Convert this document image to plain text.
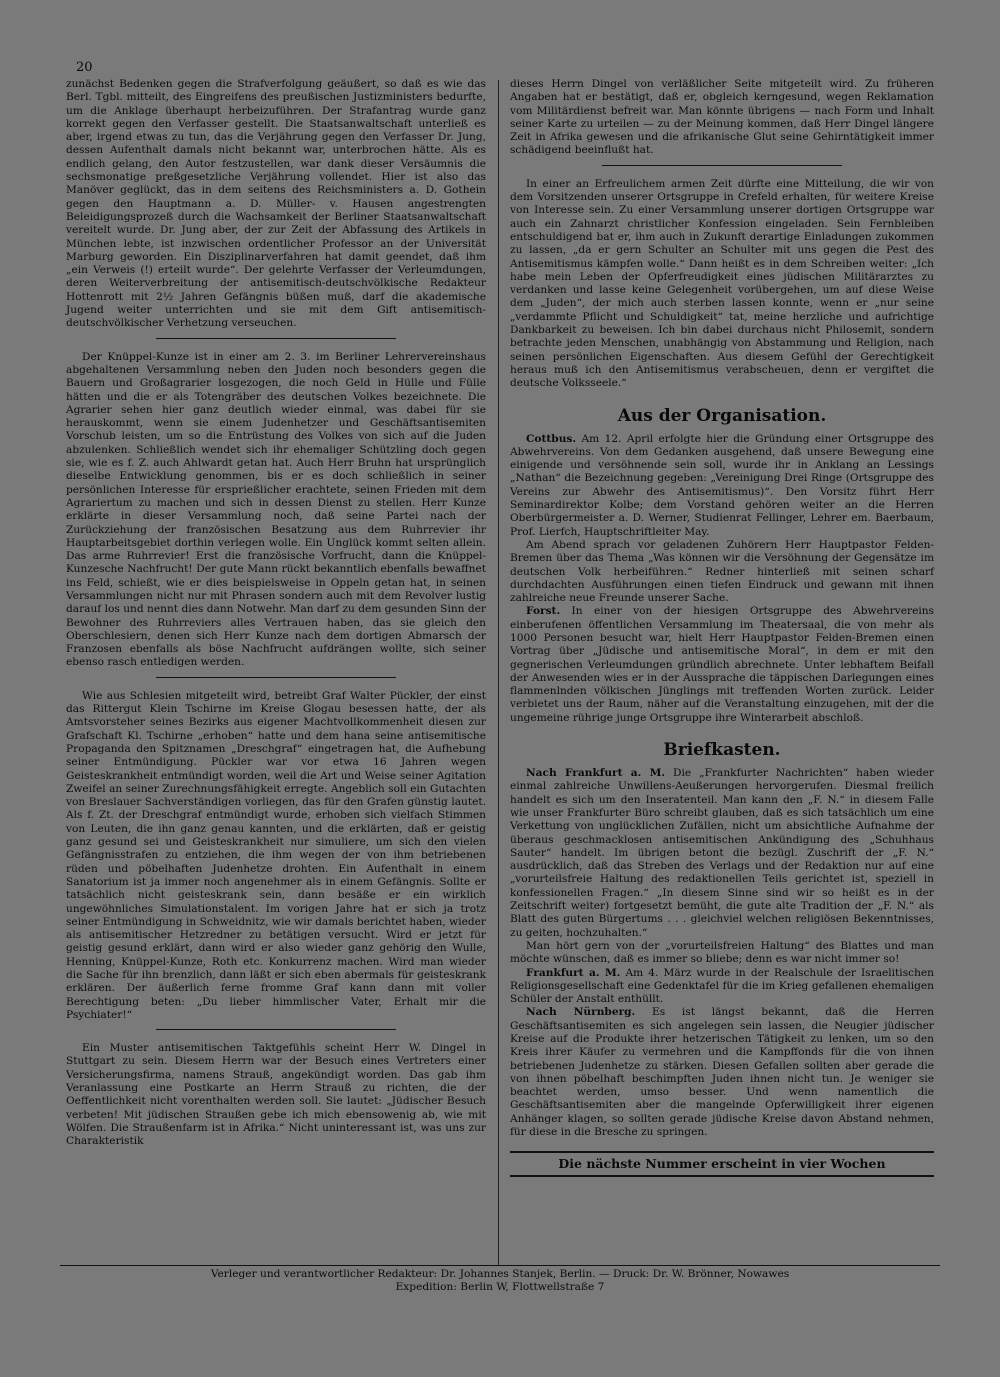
20

zunächst Bedenken gegen die Strafverfolgung geäußert, so daß es wie das Berl. Tgbl. mitteilt, des Eingreifens des preußischen Justizministers bedurfte, um die Anklage überhaupt herbeizuführen. Der Strafantrag wurde ganz korrekt gegen den Verfasser gestellt. Die Staatsanwaltschaft unterließ es aber, irgend etwas zu tun, das die Verjährung gegen den Verfasser Dr. Jung, dessen Aufenthalt damals nicht bekannt war, unterbrochen hätte. Als es endlich gelang, den Autor festzustellen, war dank dieser Versäumnis die sechsmonatige preßgesetzliche Verjährung vollendet. Hier ist also das Manöver geglückt, das in dem seitens des Reichsministers a. D. Gothein gegen den Hauptmann a. D. Müller- v. Hausen angestrengten Beleidigungsprozeß durch die Wachsamkeit der Berliner Staatsanwaltschaft vereitelt wurde. Dr. Jung aber, der zur Zeit der Abfassung des Artikels in München lebte, ist inzwischen ordentlicher Professor an der Universität Marburg geworden. Ein Disziplinarverfahren hat damit geendet, daß ihm „ein Verweis (!) erteilt wurde“. Der gelehrte Verfasser der Verleumdungen, deren Weiterverbreitung der antisemitisch-deutschvölkische Redakteur Hottenrott mit 2½ Jahren Gefängnis büßen muß, darf die akademische Jugend weiter unterrichten und sie mit dem Gift antisemitisch-deutschvölkischer Verhetzung verseuchen.

Der Knüppel-Kunze ist in einer am 2. 3. im Berliner Lehrervereinshaus abgehaltenen Versammlung neben den Juden noch besonders gegen die Bauern und Großagrarier losgezogen, die noch Geld in Hülle und Fülle hätten und die er als Totengräber des deutschen Volkes bezeichnete. Die Agrarier sehen hier ganz deutlich wieder einmal, was dabei für sie herauskommt, wenn sie einem Judenhetzer und Geschäftsantisemiten Vorschub leisten, um so die Entrüstung des Volkes von sich auf die Juden abzulenken. Schließlich wendet sich ihr ehemaliger Schützling doch gegen sie, wie es f. Z. auch Ahlwardt getan hat. Auch Herr Bruhn hat ursprünglich dieselbe Entwicklung genommen, bis er es doch schließlich in seiner persönlichen Interesse für ersprießlicher erachtete, seinen Frieden mit dem Agrariertum zu machen und sich in dessen Dienst zu stellen. Herr Kunze erklärte in dieser Versammlung noch, daß seine Partei nach der Zurückziehung der französischen Besatzung aus dem Ruhrrevier ihr Hauptarbeitsgebiet dorthin verlegen wolle. Ein Unglück kommt selten allein. Das arme Ruhrrevier! Erst die französische Vorfrucht, dann die Knüppel-Kunzesche Nachfrucht! Der gute Mann rückt bekanntlich ebenfalls bewaffnet ins Feld, schießt, wie er dies beispielsweise in Oppeln getan hat, in seinen Versammlungen nicht nur mit Phrasen sondern auch mit dem Revolver lustig darauf los und nennt dies dann Notwehr. Man darf zu dem gesunden Sinn der Bewohner des Ruhrreviers alles Vertrauen haben, das sie gleich den Oberschlesiern, denen sich Herr Kunze nach dem dortigen Abmarsch der Franzosen ebenfalls als böse Nachfrucht aufdrängen wollte, sich seiner ebenso rasch entledigen werden.

Wie aus Schlesien mitgeteilt wird, betreibt Graf Walter Pückler, der einst das Rittergut Klein Tschirne im Kreise Glogau besessen hatte, der als Amtsvorsteher seines Bezirks aus eigener Machtvollkommenheit diesen zur Grafschaft Kl. Tschirne „erhoben“ hatte und dem hana seine antisemitische Propaganda den Spitznamen „Dreschgraf“ eingetragen hat, die Aufhebung seiner Entmündigung. Pückler war vor etwa 16 Jahren wegen Geisteskrankheit entmündigt worden, weil die Art und Weise seiner Agitation Zweifel an seiner Zurechnungsfähigkeit erregte. Angeblich soll ein Gutachten von Breslauer Sachverständigen vorliegen, das für den Grafen günstig lautet. Als f. Zt. der Dreschgraf entmündigt wurde, erhoben sich vielfach Stimmen von Leuten, die ihn ganz genau kannten, und die erklärten, daß er geistig ganz gesund sei und Geisteskrankheit nur simuliere, um sich den vielen Gefängnisstrafen zu entziehen, die ihm wegen der von ihm betriebenen rüden und pöbelhaften Judenhetze drohten. Ein Aufenthalt in einem Sanatorium ist ja immer noch angenehmer als in einem Gefängnis. Sollte er tatsächlich nicht geisteskrank sein, dann besäße er ein wirklich ungewöhnliches Simulationstalent. Im vorigen Jahre hat er sich ja trotz seiner Entmündigung in Schweidnitz, wie wir damals berichtet haben, wieder als antisemitischer Hetzredner zu betätigen versucht. Wird er jetzt für geistig gesund erklärt, dann wird er also wieder ganz gehörig den Wulle, Henning, Knüppel-Kunze, Roth etc. Konkurrenz machen. Wird man wieder die Sache für ihn brenzlich, dann läßt er sich eben abermals für geisteskrank erklären. Der äußerlich ferne fromme Graf kann dann mit voller Berechtigung beten: „Du lieber himmlischer Vater, Erhalt mir die Psychiater!“

Ein Muster antisemitischen Taktgefühls scheint Herr W. Dingel in Stuttgart zu sein. Diesem Herrn war der Besuch eines Vertreters einer Versicherungsfirma, namens Strauß, angekündigt worden. Das gab ihm Veranlassung eine Postkarte an Herrn Strauß zu richten, die der Oeffentlichkeit nicht vorenthalten werden soll. Sie lautet: „Jüdischer Besuch verbeten! Mit jüdischen Straußen gebe ich mich ebensowenig ab, wie mit Wölfen. Die Straußenfarm ist in Afrika.“ Nicht uninteressant ist, was uns zur Charakteristik

dieses Herrn Dingel von verläßlicher Seite mitgeteilt wird. Zu früheren Angaben hat er bestätigt, daß er, obgleich kerngesund, wegen Reklamation vom Militärdienst befreit war. Man könnte übrigens — nach Form und Inhalt seiner Karte zu urteilen — zu der Meinung kommen, daß Herr Dingel längere Zeit in Afrika gewesen und die afrikanische Glut seine Gehirntätigkeit immer schädigend beeinflußt hat.

In einer an Erfreulichem armen Zeit dürfte eine Mitteilung, die wir von dem Vorsitzenden unserer Ortsgruppe in Crefeld erhalten, für weitere Kreise von Interesse sein. Zu einer Versammlung unserer dortigen Ortsgruppe war auch ein Zahnarzt christlicher Konfession eingeladen. Sein Fernbleiben entschuldigend bat er, ihm auch in Zukunft derartige Einladungen zukommen zu lassen, „da er gern Schulter an Schulter mit uns gegen die Pest des Antisemitismus kämpfen wolle.“ Dann heißt es in dem Schreiben weiter: „Ich habe mein Leben der Opferfreudigkeit eines jüdischen Militärarztes zu verdanken und lasse keine Gelegenheit vorübergehen, um auf diese Weise dem „Juden“, der mich auch sterben lassen konnte, wenn er „nur seine „verdammte Pflicht und Schuldigkeit“ tat, meine herzliche und aufrichtige Dankbarkeit zu beweisen. Ich bin dabei durchaus nicht Philosemit, sondern betrachte jeden Menschen, unabhängig von Abstammung und Religion, nach seinen persönlichen Eigenschaften. Aus diesem Gefühl der Gerechtigkeit heraus muß ich den Antisemitismus verabscheuen, denn er vergiftet die deutsche Volksseele.“

Aus der Organisation.

Cottbus. Am 12. April erfolgte hier die Gründung einer Ortsgruppe des Abwehrvereins. Von dem Gedanken ausgehend, daß unsere Bewegung eine einigende und versöhnende sein soll, wurde ihr in Anklang an Lessings „Nathan“ die Bezeichnung gegeben: „Vereinigung Drei Ringe (Ortsgruppe des Vereins zur Abwehr des Antisemitismus)“. Den Vorsitz führt Herr Seminardirektor Kolbe; dem Vorstand gehören weiter an die Herren Oberbürgermeister a. D. Werner, Studienrat Fellinger, Lehrer em. Baerbaum, Prof. Lierfch, Hauptschriftleiter May.

Am Abend sprach vor geladenen Zuhörern Herr Hauptpastor Felden-Bremen über das Thema „Was können wir die Versöhnung der Gegensätze im deutschen Volk herbeiführen.“ Redner hinterließ mit seinen scharf durchdachten Ausführungen einen tiefen Eindruck und gewann mit ihnen zahlreiche neue Freunde unserer Sache.

Forst. In einer von der hiesigen Ortsgruppe des Abwehrvereins einberufenen öffentlichen Versammlung im Theatersaal, die von mehr als 1000 Personen besucht war, hielt Herr Hauptpastor Felden-Bremen einen Vortrag über „Jüdische und antisemitische Moral“, in dem er mit den gegnerischen Verleumdungen gründlich abrechnete. Unter lebhaftem Beifall der Anwesenden wies er in der Aussprache die täppischen Darlegungen eines flammenlnden völkischen Jünglings mit treffenden Worten zurück. Leider verbietet uns der Raum, näher auf die Veranstaltung einzugehen, mit der die ungemeine rührige junge Ortsgruppe ihre Winterarbeit abschloß.

Briefkasten.

Nach Frankfurt a. M. Die „Frankfurter Nachrichten“ haben wieder einmal zahlreiche Unwillens-Aeußerungen hervorgerufen. Diesmal freilich handelt es sich um den Inseratenteil. Man kann den „F. N.“ in diesem Falle wie unser Frankfurter Büro schreibt glauben, daß es sich tatsächlich um eine Verkettung von unglücklichen Zufällen, nicht um absichtliche Aufnahme der überaus geschmacklosen antisemitischen Ankündigung des „Schuhhaus Sauter“ handelt. Im übrigen betont die bezügl. Zuschrift der „F. N.“ ausdrücklich, daß das Streben des Verlags und der Redaktion nur auf eine „vorurteilsfreie Haltung des redaktionellen Teils gerichtet ist, speziell in konfessionellen Fragen.“ „In diesem Sinne sind wir so heißt es in der Zeitschrift weiter) fortgesetzt bemüht, die gute alte Tradition der „F. N.“ als Blatt des guten Bürgertums . . . gleichviel welchen religiösen Bekenntnisses, zu geiten, hochzuhalten.“

Man hört gern von der „vorurteilsfreien Haltung“ des Blattes und man möchte wünschen, daß es immer so bliebe; denn es war nicht immer so!

Frankfurt a. M. Am 4. März wurde in der Realschule der Israelitischen Religionsgesellschaft eine Gedenktafel für die im Krieg gefallenen ehemaligen Schüler der Anstalt enthüllt.

Nach Nürnberg. Es ist längst bekannt, daß die Herren Geschäftsantisemiten es sich angelegen sein lassen, die Neugier jüdischer Kreise auf die Produkte ihrer hetzerischen Tätigkeit zu lenken, um so den Kreis ihrer Käufer zu vermehren und die Kampffonds für die von ihnen betriebenen Judenhetze zu stärken. Diesen Gefallen sollten aber gerade die von ihnen pöbelhaft beschimpften Juden ihnen nicht tun. Je weniger sie beachtet werden, umso besser. Und wenn namentlich die Geschäftsantisemiten aber die mangelnde Opferwilligkeit ihrer eigenen Anhänger klagen, so sollten gerade jüdische Kreise davon Abstand nehmen, für diese in die Bresche zu springen.

Die nächste Nummer erscheint in vier Wochen
Verleger und verantwortlicher Redakteur: Dr. Johannes Stanjek, Berlin. — Druck: Dr. W. Brönner, Nowawes
Expedition: Berlin W, Flottwellstraße 7
